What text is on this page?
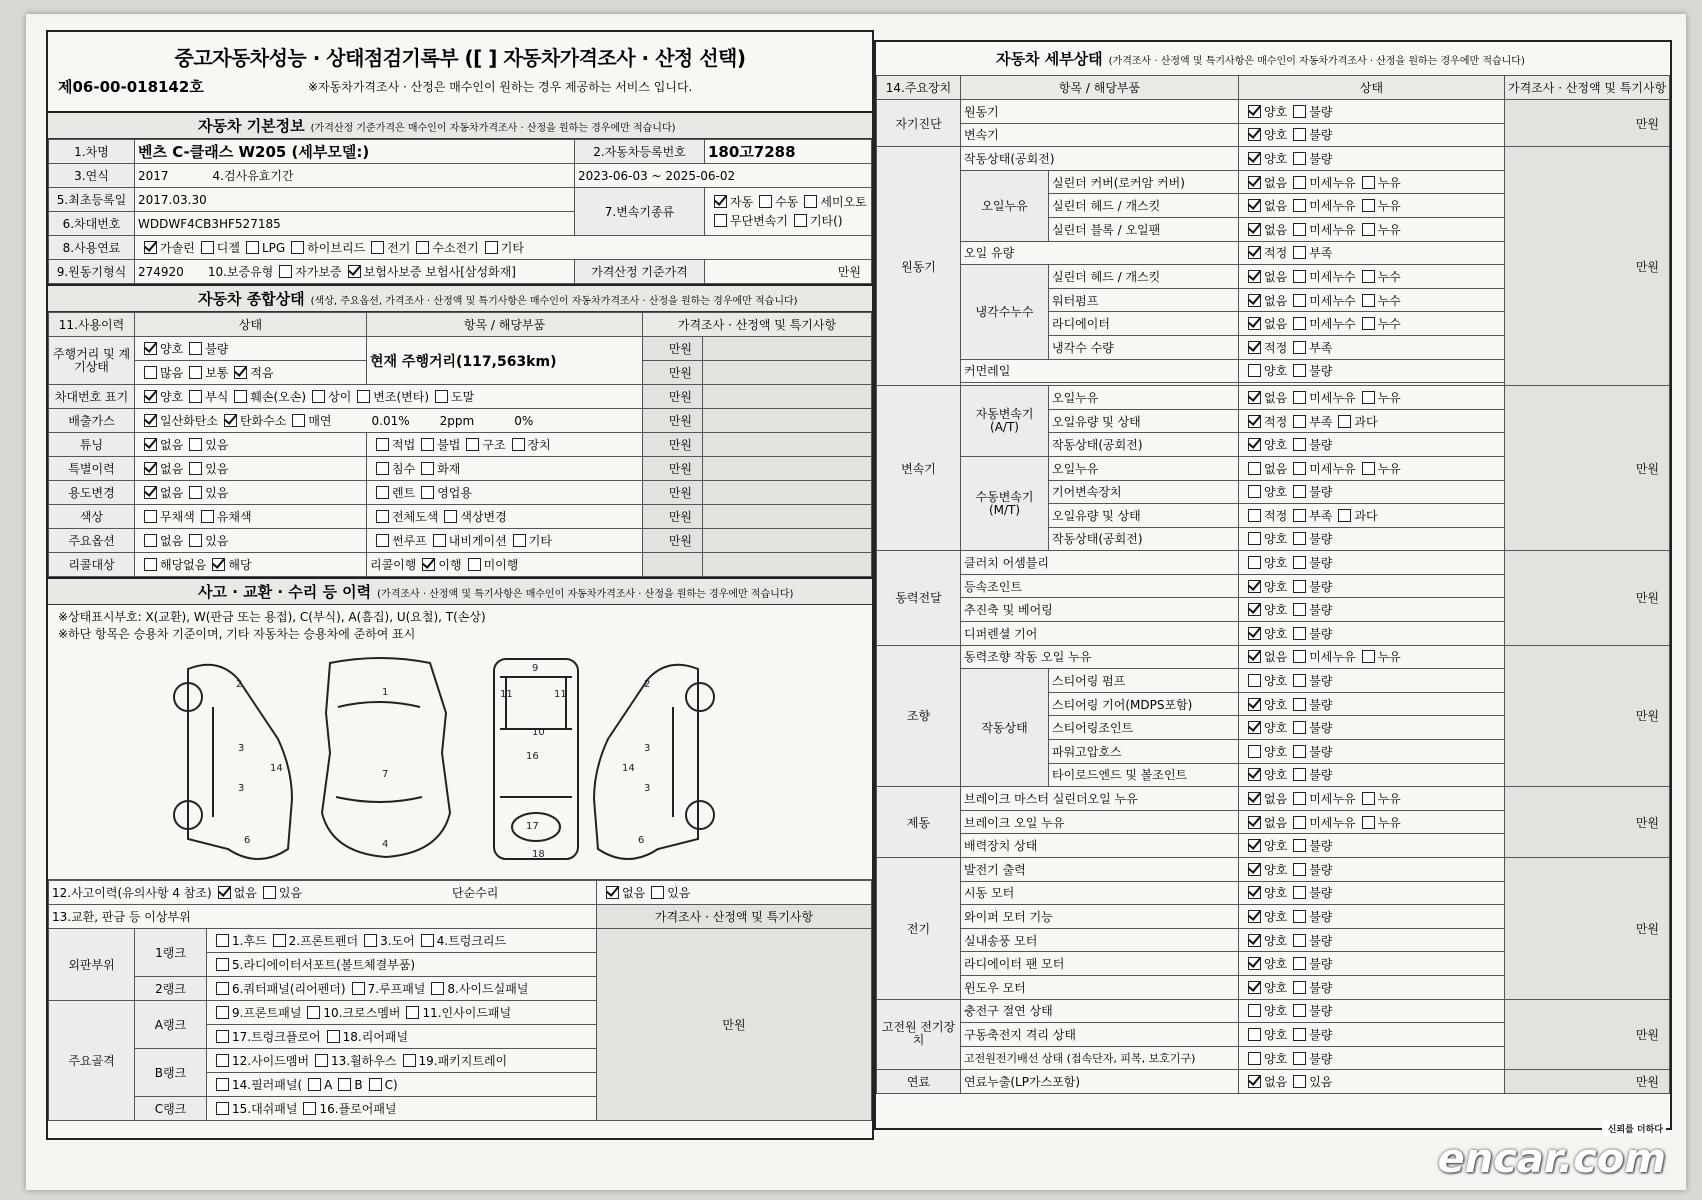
중고자동차성능 · 상태점검기록부 ([ ] 자동차가격조사 · 산정 선택)
제06-00-018142호	※자동차가격조사 · 산정은 매수인이 원하는 경우 제공하는 서비스 입니다.
자동차 기본정보 (가격산정 기준가격은 매수인이 자동차가격조사 · 산정을 원하는 경우에만 적습니다)
1.차명	벤츠 C-클래스 W205 (세부모델:)	2.자동차등록번호	180고7288
3.연식	2017 4.검사유효기간	2023-06-03 ~ 2025-06-02	
5.최초등록일	2017.03.30	7.변속기종류	자동 수동 세미오토
무단변속기 기타()
6.차대번호	WDDWF4CB3HF527185		
8.사용연료	가솔린 디젤 LPG 하이브리드 전기 수소전기 기타		
9.원동기형식	274920 10.보증유형 자가보증 보험사보증 보험사[삼성화재]	가격산정 기준가격	만원
자동차 종합상태 (색상, 주요옵션, 가격조사 · 산정액 및 특기사항은 매수인이 자동차가격조사 · 산정을 원하는 경우에만 적습니다)
11.사용이력	상태	항목 / 해당부품	가격조사 · 산정액 및 특기사항	
주행거리 및 계기상태	양호 불량	현재 주행거리(117,563km)	만원	
	많음 보통 적음		만원	
차대번호 표기	양호 부식 훼손(오손) 상이 변조(변타) 도말		만원	
배출가스	일산화탄소 탄화수소 매연 0.01% 2ppm 0%		만원	
튜닝	없음 있음	적법 불법 구조 장치	만원	
특별이력	없음 있음	침수 화재	만원	
용도변경	없음 있음	렌트 영업용	만원	
색상	무채색 유채색	전체도색 색상변경	만원	
주요옵션	없음 있음	썬루프 내비게이션 기타	만원	
리콜대상	해당없음 해당	리콜이행 이행 미이행		
사고 · 교환 · 수리 등 이력 (가격조사 · 산정액 및 특기사항은 매수인이 자동차가격조사 · 산정을 원하는 경우에만 적습니다)
※상태표시부호: X(교환), W(판금 또는 용접), C(부식), A(흠집), U(요철), T(손상)
※하단 항목은 승용차 기준이며, 기타 자동차는 승용차에 준하여 표시
2
3
3
6
14
1
7
4
9
11	11
10
16
17
18
2
3
3
6
14
12.사고이력(유의사항 4 참조) 없음 있음 단순수리			없음 있음
13.교환, 판금 등 이상부위			가격조사 · 산정액 및 특기사항
외판부위	1랭크	1.후드 2.프론트펜더 3.도어 4.트렁크리드	만원
		5.라디에이터서포트(볼트체결부품)	
	2랭크	6.쿼터패널(리어펜더) 7.루프패널 8.사이드실패널	
주요골격	A랭크	9.프론트패널 10.크로스멤버 11.인사이드패널	
		17.트렁크플로어 18.리어패널	
	B랭크	12.사이드멤버 13.휠하우스 19.패키지트레이	
		14.필러패널( A B C)	
	C랭크	15.대쉬패널 16.플로어패널	
자동차 세부상태 (가격조사 · 산정액 및 특기사항은 매수인이 자동차가격조사 · 산정을 원하는 경우에만 적습니다)
14.주요장치	항목 / 해당부품		상태	가격조사 · 산정액 및 특기사항
자기진단	원동기		양호 불량	만원
	변속기		양호 불량	
원동기	작동상태(공회전)		양호 불량	만원
	오일누유	실린더 커버(로커암 커버)	없음 미세누유 누유	
		실린더 헤드 / 개스킷	없음 미세누유 누유	
		실린더 블록 / 오일팬	없음 미세누유 누유	
	오일 유량		적정 부족	
	냉각수누수	실린더 헤드 / 개스킷	없음 미세누수 누수	
		워터펌프	없음 미세누수 누수	
		라디에이터	없음 미세누수 누수	
		냉각수 수량	적정 부족	
	커먼레일		양호 불량	

변속기	자동변속기 (A/T)	오일누유	없음 미세누유 누유	만원
		오일유량 및 상태	적정 부족 과다	
		작동상태(공회전)	양호 불량	
	수동변속기 (M/T)	오일누유	없음 미세누유 누유	
		기어변속장치	양호 불량	
		오일유량 및 상태	적정 부족 과다	
		작동상태(공회전)	양호 불량	
동력전달	클러치 어셈블리		양호 불량	만원
	등속조인트		양호 불량	
	추진축 및 베어링		양호 불량	
	디퍼렌셜 기어		양호 불량	
조향	동력조향 작동 오일 누유		없음 미세누유 누유	만원
	작동상태	스티어링 펌프	양호 불량	
		스티어링 기어(MDPS포함)	양호 불량	
		스티어링조인트	양호 불량	
		파워고압호스	양호 불량	
		타이로드엔드 및 볼조인트	양호 불량	
제동	브레이크 마스터 실린더오일 누유		없음 미세누유 누유	만원
	브레이크 오일 누유		없음 미세누유 누유	
	배력장치 상태		양호 불량	
전기	발전기 출력		양호 불량	만원
	시동 모터		양호 불량	
	와이퍼 모터 기능		양호 불량	
	실내송풍 모터		양호 불량	
	라디에이터 팬 모터		양호 불량	
	윈도우 모터		양호 불량	
고전원 전기장치	충전구 절연 상태		양호 불량	만원
	구동축전지 격리 상태		양호 불량	
	고전원전기배선 상태 (접속단자, 피복, 보호기구)		양호 불량	
연료	연료누출(LP가스포함)		없음 있음	만원
신뢰를 더하다
encar.com
